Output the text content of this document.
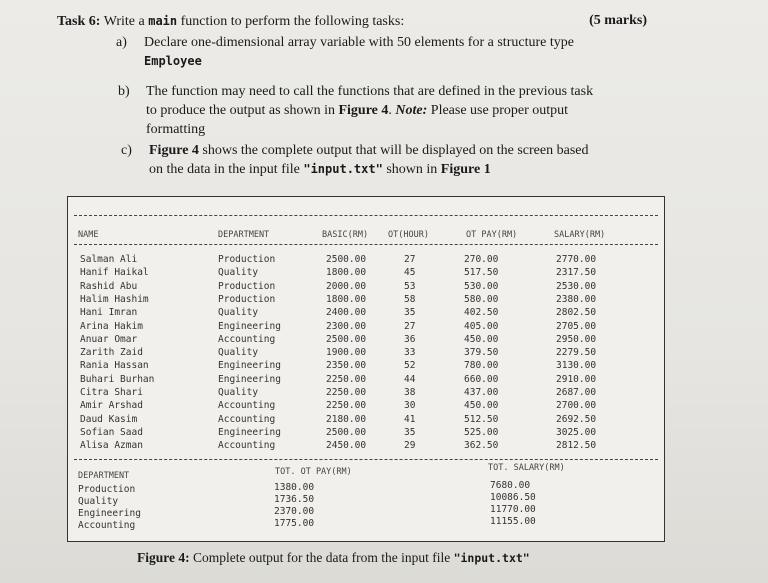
Task 6: Write a main function to perform the following tasks:	(5 marks)
a) Declare one-dimensional array variable with 50 elements for a structure type
Employee
b) The function may need to call the functions that are defined in the previous task
to produce the output as shown in Figure 4. Note: Please use proper output
formatting
c) Figure 4 shows the complete output that will be displayed on the screen based
on the data in the input file "input.txt" shown in Figure 1
NAME	DEPARTMENT	BASIC(RM) OT(HOUR)	OT PAY(RM)	SALARY(RM)
Salman Ali	Production	2500.00	27	270.00	2770.00
Hanif Haikal	Quality	1800.00	45	517.50	2317.50
Rashid Abu	Production	2000.00	53	530.00	2530.00
Halim Hashim	Production	1800.00	58	580.00	2380.00
Hani Imran	Quality	2400.00	35	402.50	2802.50
Arina Hakim	Engineering	2300.00	27	405.00	2705.00
Anuar Omar	Accounting	2500.00	36	450.00	2950.00
Zarith Zaid	Quality	1900.00	33	379.50	2279.50
Rania Hassan	Engineering	2350.00	52	780.00	3130.00
Buhari Burhan	Engineering	2250.00	44	660.00	2910.00
Citra Shari	Quality	2250.00	38	437.00	2687.00
Amir Arshad	Accounting	2250.00	30	450.00	2700.00
Daud Kasim	Accounting	2180.00	41	512.50	2692.50
Sofian Saad	Engineering	2500.00	35	525.00	3025.00
Alisa Azman	Accounting	2450.00	29	362.50	2812.50
DEPARTMENT	TOT. OT PAY(RM)	TOT. SALARY(RM)
Production	1380.00	7680.00
Quality	1736.50	10086.50
Engineering	2370.00	11770.00
Accounting	1775.00	11155.00
Figure 4: Complete output for the data from the input file "input.txt"
